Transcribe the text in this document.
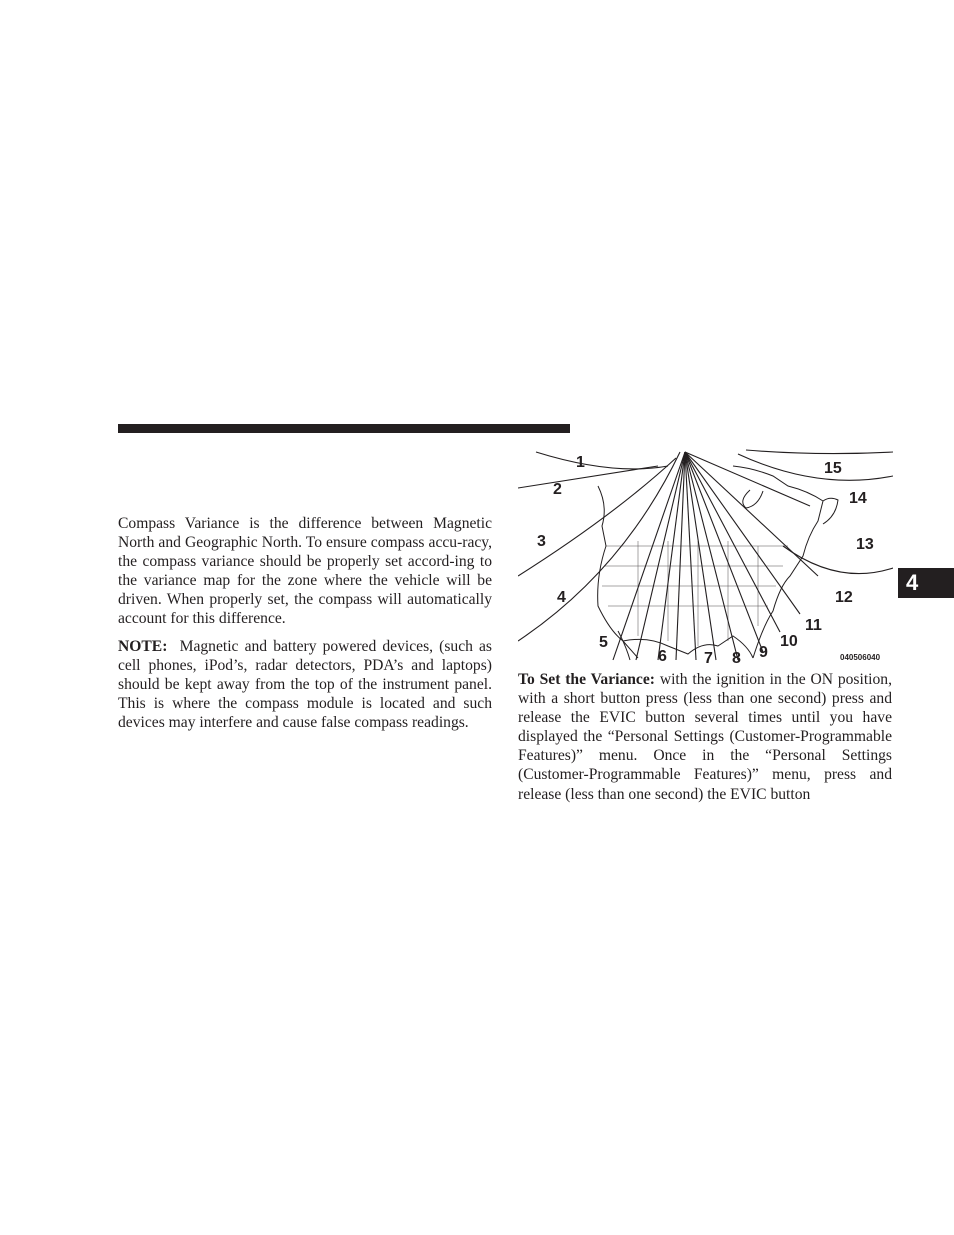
Compass Variance is the difference between Magnetic North and Geographic North. To ensure compass accu-racy, the compass variance should be properly set accord-ing to the variance map for the zone where the vehicle will be driven. When properly set, the compass will automatically account for this difference.

NOTE: Magnetic and battery powered devices, (such as cell phones, iPod’s, radar detectors, PDA’s and laptops) should be kept away from the top of the instrument panel. This is where the compass module is located and such devices may interfere and cause false compass readings.

1
2
3
4
5
6 7 8 9
10
11
12
13
14
15
040506040

To Set the Variance: with the ignition in the ON position, with a short button press (less than one second) press and release the EVIC button several times until you have displayed the “Personal Settings (Customer-Programmable Features)” menu. Once in the “Personal Settings (Customer-Programmable Features)” menu, press and release (less than one second) the EVIC button

4
